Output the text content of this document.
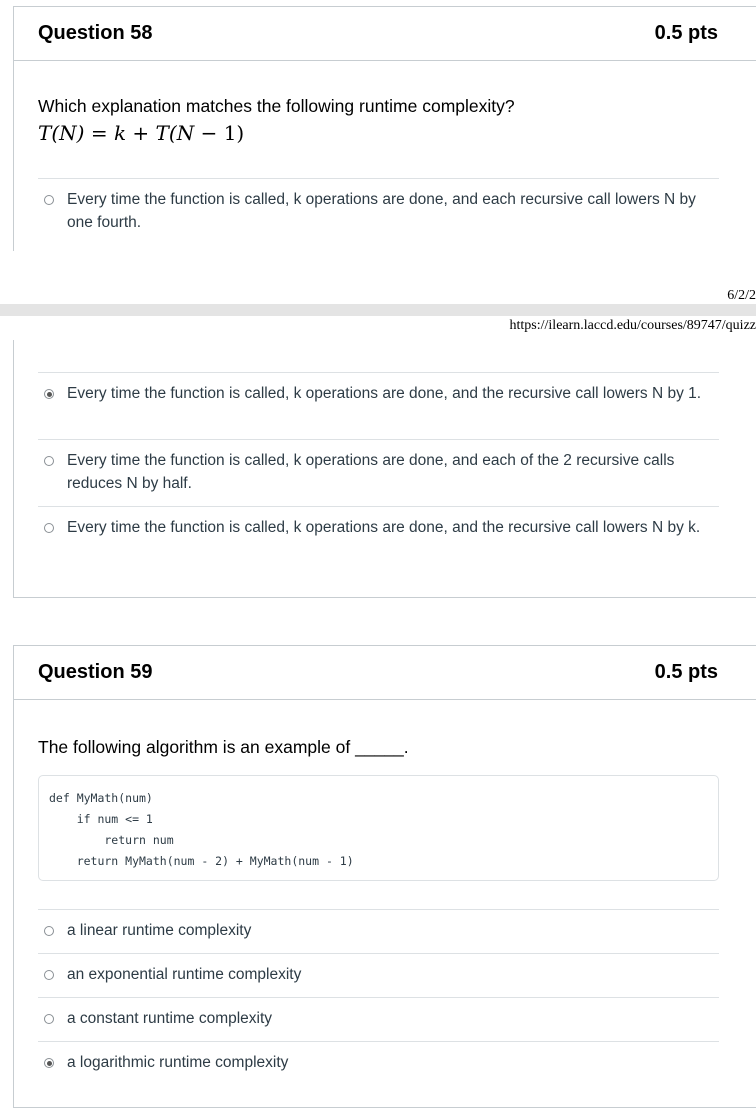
Question 58	0.5 pts
Which explanation matches the following runtime complexity?
T(N) = k + T(N − 1)
Every time the function is called, k operations are done, and each recursive call lowers N by one fourth.
6/2/2
https://ilearn.laccd.edu/courses/89747/quizz
Every time the function is called, k operations are done, and the recursive call lowers N by 1.
Every time the function is called, k operations are done, and each of the 2 recursive calls reduces N by half.
Every time the function is called, k operations are done, and the recursive call lowers N by k.
Question 59	0.5 pts
The following algorithm is an example of _____.
def MyMath(num)
if num <= 1
return num
return MyMath(num - 2) + MyMath(num - 1)
a linear runtime complexity
an exponential runtime complexity
a constant runtime complexity
a logarithmic runtime complexity
